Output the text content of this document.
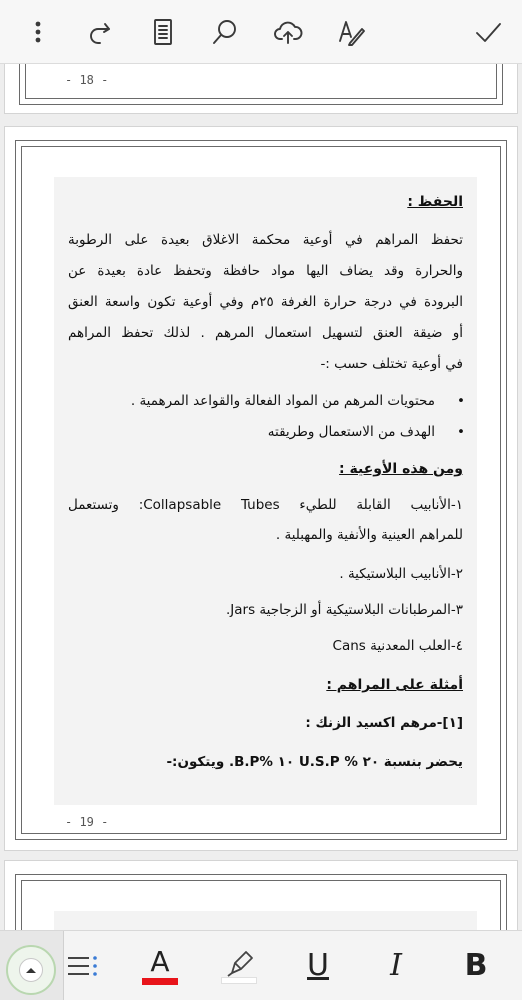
- 18 -
الحفظ :
تحفظ المراهم في أوعية محكمة الاغلاق بعيدة على الرطوبة
والحرارة وقد يضاف اليها مواد حافظة وتحفظ عادة بعيدة عن
البرودة في درجة حرارة الغرفة ٢٥م وفي أوعية تكون واسعة العنق
أو ضيقة العنق لتسهيل استعمال المرهم . لذلك تحفظ المراهم
في أوعية تختلف حسب :-
• محتويات المرهم من المواد الفعالة والقواعد المرهمية .
• الهدف من الاستعمال وطريقته
ومن هذه الأوعية :
١-الأنابيب القابلة للطيء Collapsable Tubes: وتستعمل
للمراهم العينية والأنفية والمهبلية .
٢-الأنابيب البلاستيكية .
٣-المرطبانات البلاستيكية أو الزجاجية Jars.
٤-العلب المعدنية Cans
أمثلة على المراهم :
[١]-مرهم اكسيد الزنك :
يحضر بنسبة ٢٠ % U.S.P ١٠ %B.P. ويتكون:-
- 19 -
A	U I B
